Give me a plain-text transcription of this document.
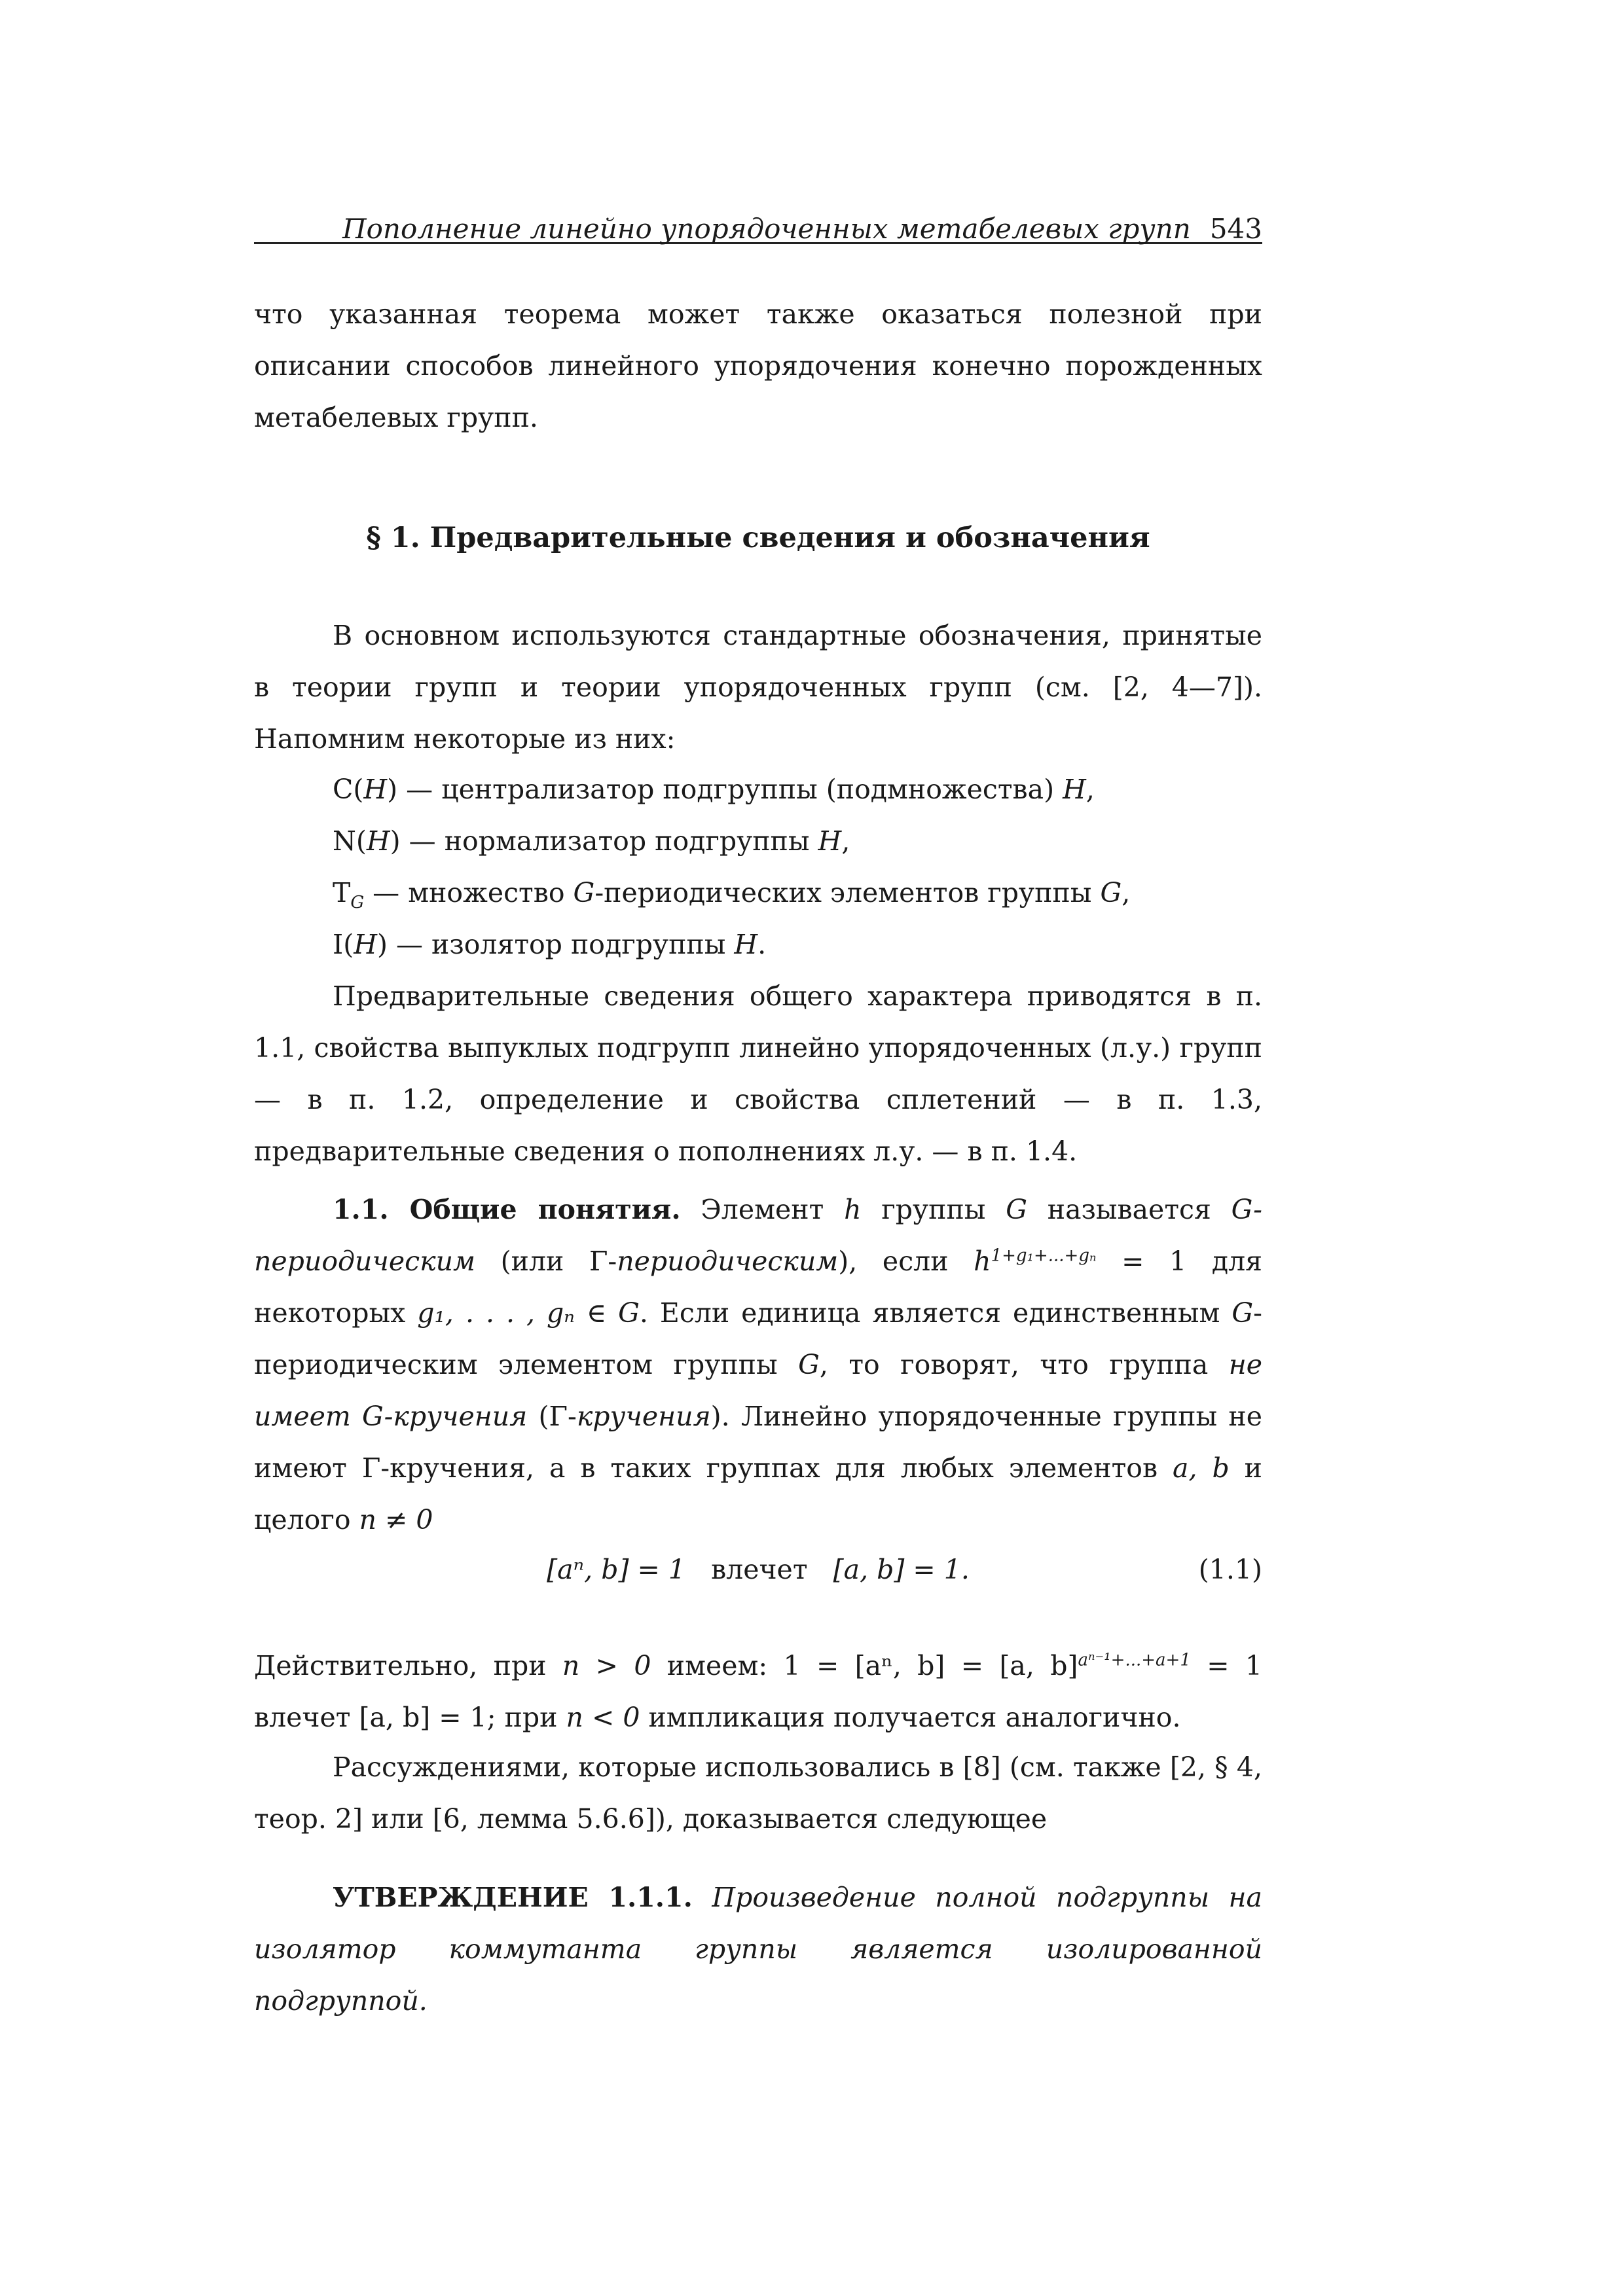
Пополнение линейно упорядоченных метабелевых групп 543

что указанная теорема может также оказаться полезной при описании способов линейного упорядочения конечно порожденных метабелевых групп.

§ 1. Предварительные сведения и обозначения

В основном используются стандартные обозначения, принятые в теории групп и теории упорядоченных групп (см. [2, 4—7]). Напомним некоторые из них:

C(H) — централизатор подгруппы (подмножества) H,
N(H) — нормализатор подгруппы H,
$T_G$ — множество G-периодических элементов группы G,
I(H) — изолятор подгруппы H.

Предварительные сведения общего характера приводятся в п. 1.1, свойства выпуклых подгрупп линейно упорядоченных (л.у.) групп — в п. 1.2, определение и свойства сплетений — в п. 1.3, предварительные сведения о пополнениях л.у. — в п. 1.4.

1.1. Общие понятия. Элемент h группы G называется G-периодическим (или Γ-периодическим), если $h^{1+g_1+...+g_n} = 1$ для некоторых g₁, . . . , gₙ ∈ G. Если единица является единственным G-периодическим элементом группы G, то говорят, что группа не имеет G-кручения (Γ-кручения). Линейно упорядоченные группы не имеют Γ-кручения, а в таких группах для любых элементов a, b и целого n ≠ 0

[aⁿ, b] = 1 влечет [a, b] = 1.	(1.1)

Действительно, при n > 0 имеем: 1 = [aⁿ, b] = [a, b]$^{a^{n-1}+...+a+1}$ = 1 влечет [a, b] = 1; при n < 0 импликация получается аналогично.

Рассуждениями, которые использовались в [8] (см. также [2, § 4, теор. 2] или [6, лемма 5.6.6]), доказывается следующее

УТВЕРЖДЕНИЕ 1.1.1. Произведение полной подгруппы на изолятор коммутанта группы является изолированной подгруппой.
